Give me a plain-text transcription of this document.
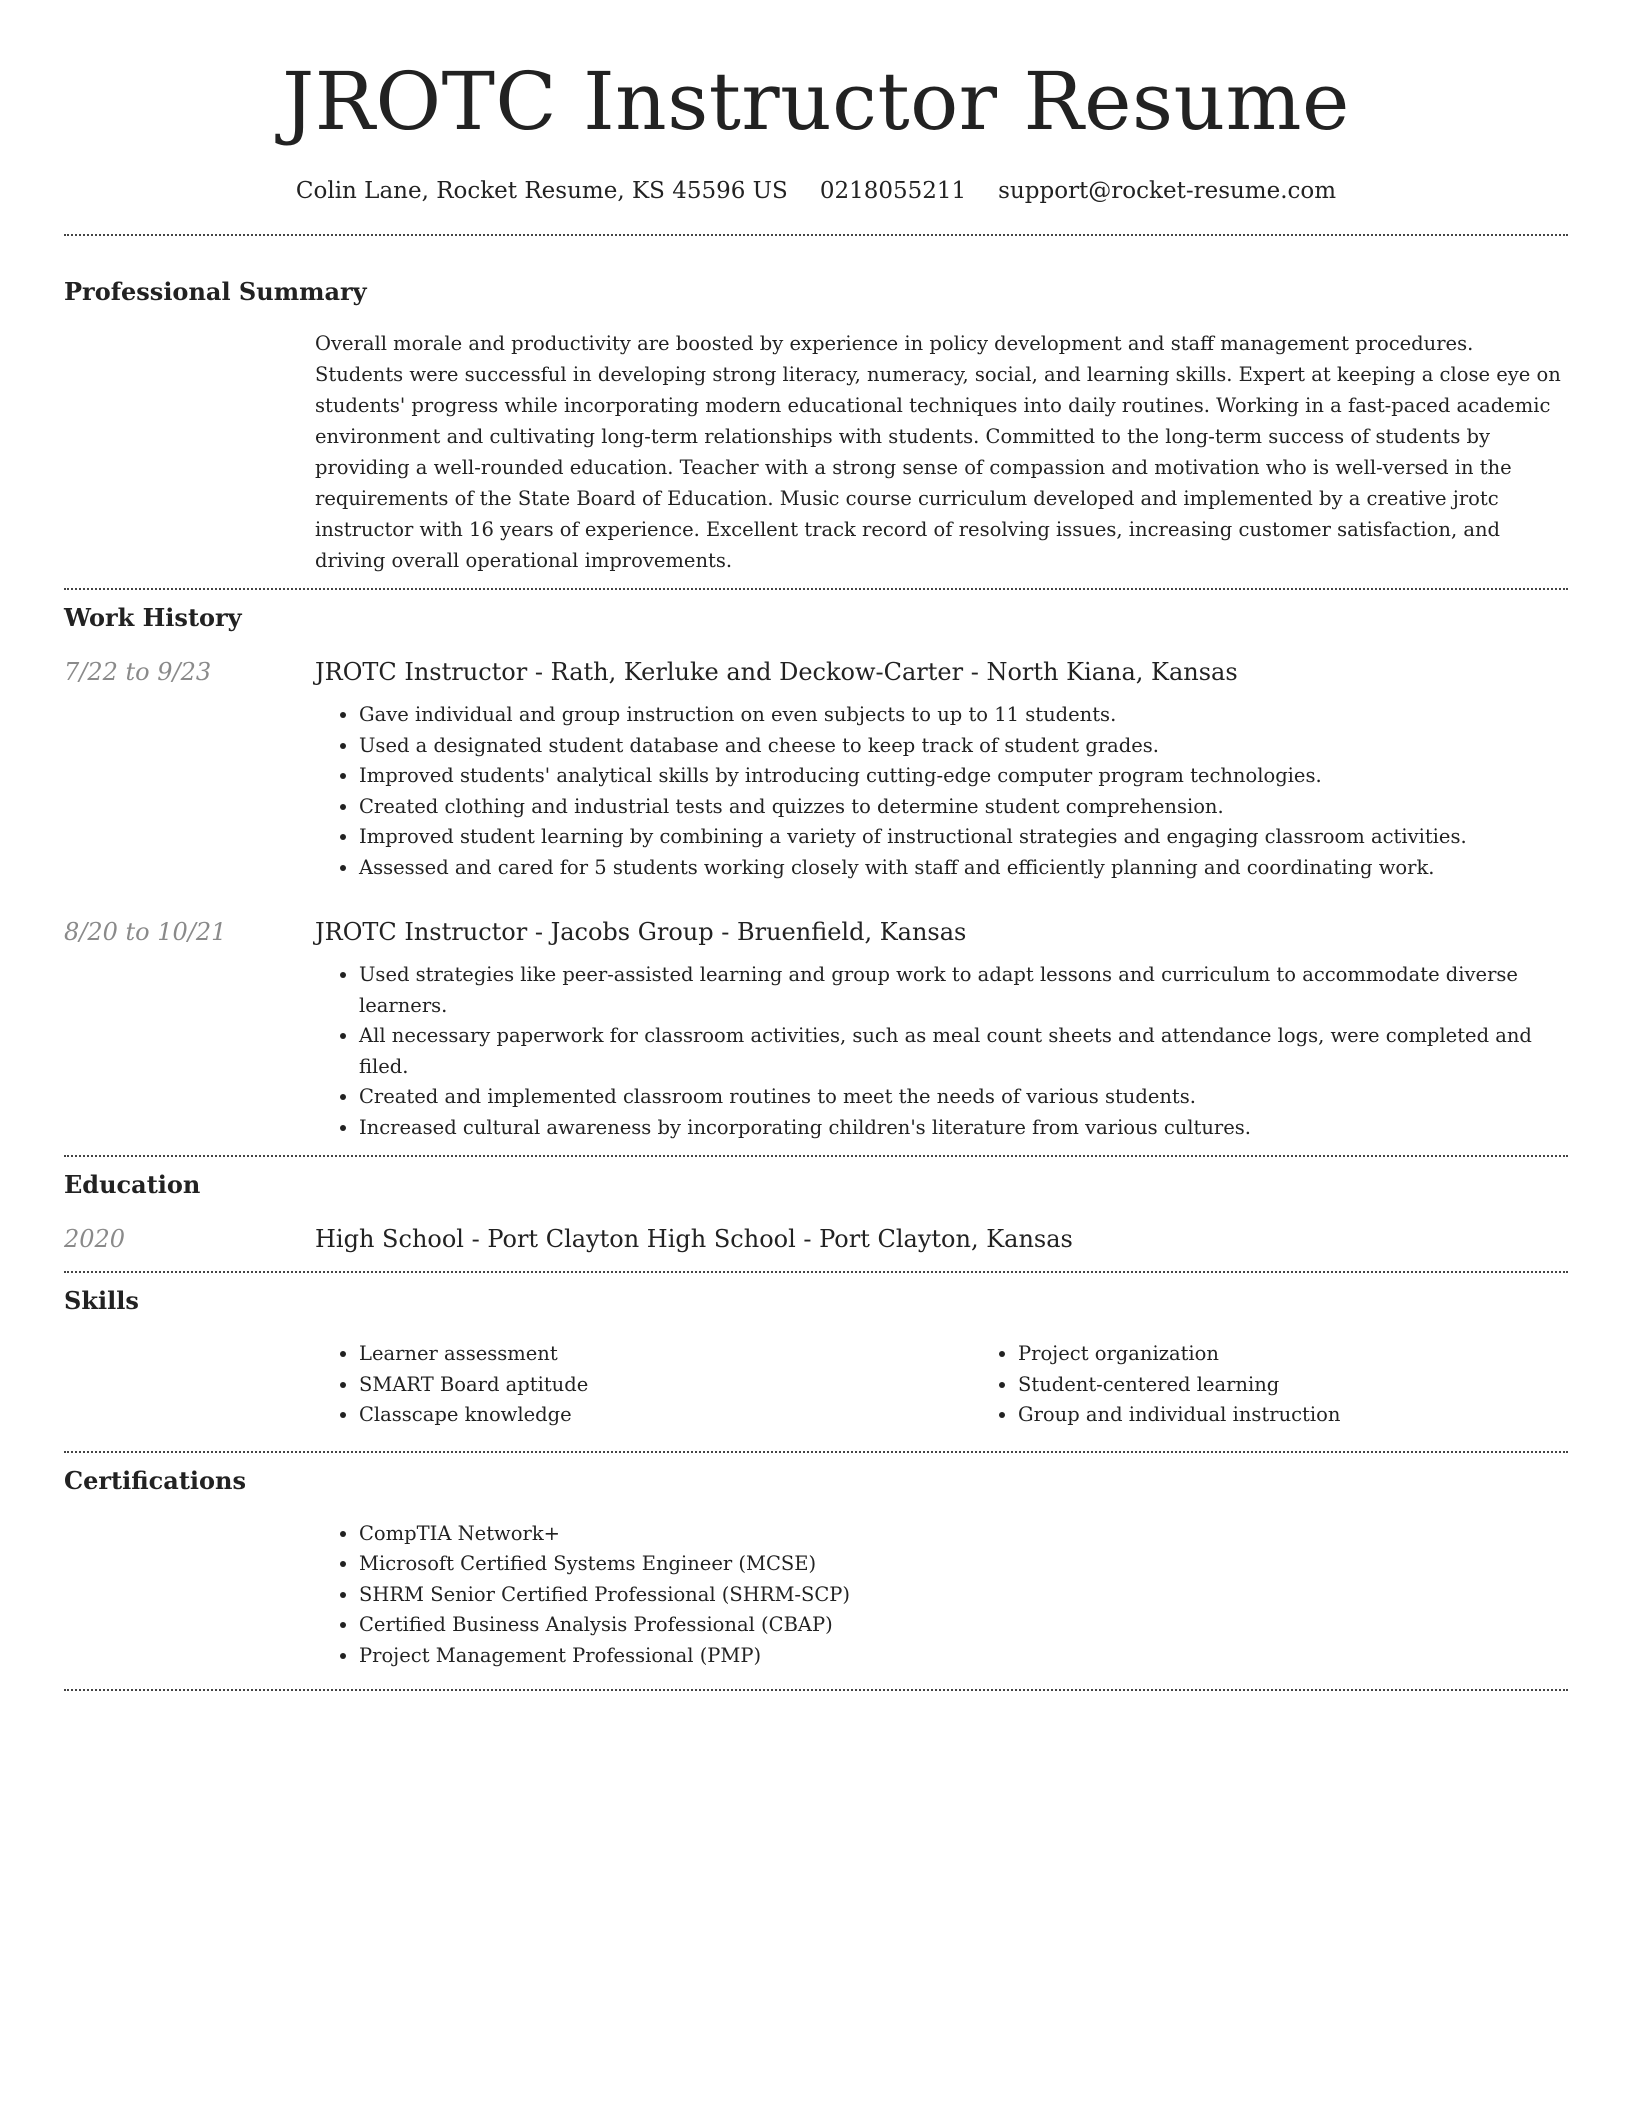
JROTC Instructor Resume
Colin Lane, Rocket Resume, KS 45596 US 0218055211 support@rocket-resume.com
Professional Summary

Overall morale and productivity are boosted by experience in policy development and staff management procedures. Students were successful in developing strong literacy, numeracy, social, and learning skills. Expert at keeping a close eye on students' progress while incorporating modern educational techniques into daily routines. Working in a fast-paced academic environment and cultivating long-term relationships with students. Committed to the long-term success of students by providing a well-rounded education. Teacher with a strong sense of compassion and motivation who is well-versed in the requirements of the State Board of Education. Music course curriculum developed and implemented by a creative jrotc instructor with 16 years of experience. Excellent track record of resolving issues, increasing customer satisfaction, and driving overall operational improvements.

Work History
7/22 to 9/23	JROTC Instructor - Rath, Kerluke and Deckow-Carter - North Kiana, Kansas
• Gave individual and group instruction on even subjects to up to 11 students.
• Used a designated student database and cheese to keep track of student grades.
• Improved students' analytical skills by introducing cutting-edge computer program technologies.
• Created clothing and industrial tests and quizzes to determine student comprehension.
• Improved student learning by combining a variety of instructional strategies and engaging classroom activities.
• Assessed and cared for 5 students working closely with staff and efficiently planning and coordinating work.
8/20 to 10/21	JROTC Instructor - Jacobs Group - Bruenfield, Kansas
• Used strategies like peer-assisted learning and group work to adapt lessons and curriculum to accommodate diverse learners.
• All necessary paperwork for classroom activities, such as meal count sheets and attendance logs, were completed and filed.
• Created and implemented classroom routines to meet the needs of various students.
• Increased cultural awareness by incorporating children's literature from various cultures.
Education
2020	High School - Port Clayton High School - Port Clayton, Kansas
Skills
• Learner assessment
• SMART Board aptitude
• Classcape knowledge
• Project organization
• Student-centered learning
• Group and individual instruction
Certifications
• CompTIA Network+
• Microsoft Certified Systems Engineer (MCSE)
• SHRM Senior Certified Professional (SHRM-SCP)
• Certified Business Analysis Professional (CBAP)
• Project Management Professional (PMP)
